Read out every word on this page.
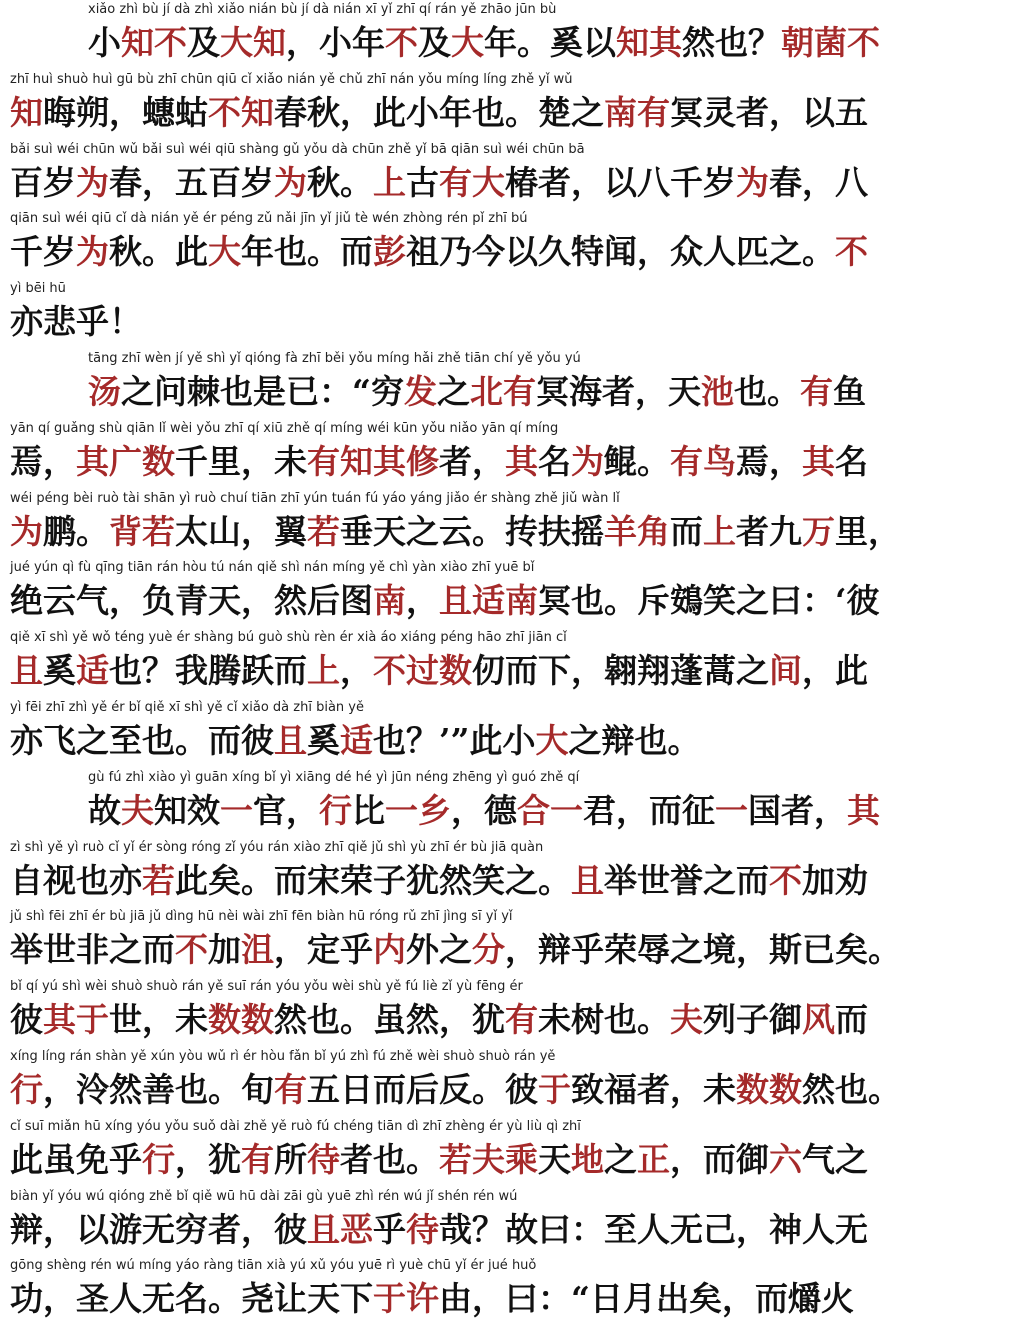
xiǎo zhì bù jí dà zhì xiǎo nián bù jí dà nián xī yǐ zhī qí rán yě zhāo jūn bù
小知不及大知，小年不及大年。奚以知其然也？朝菌不
zhī huì shuò huì gū bù zhī chūn qiū cǐ xiǎo nián yě chǔ zhī nán yǒu míng líng zhě yǐ wǔ
知晦朔，蟪蛄不知春秋，此小年也。楚之南有冥灵者，以五
bǎi suì wéi chūn wǔ bǎi suì wéi qiū shàng gǔ yǒu dà chūn zhě yǐ bā qiān suì wéi chūn bā
百岁为春，五百岁为秋。上古有大椿者，以八千岁为春，八
qiān suì wéi qiū cǐ dà nián yě ér péng zǔ nǎi jīn yǐ jiǔ tè wén zhòng rén pǐ zhī bú
千岁为秋。此大年也。而彭祖乃今以久特闻，众人匹之。不
yì bēi hū
亦悲乎！
tāng zhī wèn jí yě shì yǐ qióng fà zhī běi yǒu míng hǎi zhě tiān chí yě yǒu yú
汤之问棘也是已：“穷发之北有冥海者，天池也。有鱼
yān qí guǎng shù qiān lǐ wèi yǒu zhī qí xiū zhě qí míng wéi kūn yǒu niǎo yān qí míng
焉，其广数千里，未有知其修者，其名为鲲。有鸟焉，其名
wéi péng bèi ruò tài shān yì ruò chuí tiān zhī yún tuán fú yáo yáng jiǎo ér shàng zhě jiǔ wàn lǐ
为鹏。背若太山，翼若垂天之云。抟扶摇羊角而上者九万里，
jué yún qì fù qīng tiān rán hòu tú nán qiě shì nán míng yě chì yàn xiào zhī yuē bǐ
绝云气，负青天，然后图南，且适南冥也。斥鴳笑之曰：‘彼
qiě xī shì yě wǒ téng yuè ér shàng bú guò shù rèn ér xià áo xiáng péng hāo zhī jiān cǐ
且奚适也？我腾跃而上，不过数仞而下，翱翔蓬蒿之间，此
yì fēi zhī zhì yě ér bǐ qiě xī shì yě cǐ xiǎo dà zhī biàn yě
亦飞之至也。而彼且奚适也？’”此小大之辩也。
gù fú zhì xiào yì guān xíng bǐ yì xiāng dé hé yì jūn néng zhēng yì guó zhě qí
故夫知效一官，行比一乡，德合一君，而征一国者，其
zì shì yě yì ruò cǐ yǐ ér sòng róng zǐ yóu rán xiào zhī qiě jǔ shì yù zhī ér bù jiā quàn
自视也亦若此矣。而宋荣子犹然笑之。且举世誉之而不加劝
jǔ shì fēi zhī ér bù jiā jǔ dìng hū nèi wài zhī fēn biàn hū róng rǔ zhī jìng sī yǐ yǐ
举世非之而不加沮，定乎内外之分，辩乎荣辱之境，斯已矣。
bǐ qí yú shì wèi shuò shuò rán yě suī rán yóu yǒu wèi shù yě fú liè zǐ yù fēng ér
彼其于世，未数数然也。虽然，犹有未树也。夫列子御风而
xíng líng rán shàn yě xún yòu wǔ rì ér hòu fǎn bǐ yú zhì fú zhě wèi shuò shuò rán yě
行，泠然善也。旬有五日而后反。彼于致福者，未数数然也。
cǐ suī miǎn hū xíng yóu yǒu suǒ dài zhě yě ruò fú chéng tiān dì zhī zhèng ér yù liù qì zhī
此虽免乎行，犹有所待者也。若夫乘天地之正，而御六气之
biàn yǐ yóu wú qióng zhě bǐ qiě wū hū dài zāi gù yuē zhì rén wú jǐ shén rén wú
辩，以游无穷者，彼且恶乎待哉？故曰：至人无己，神人无
gōng shèng rén wú míng yáo ràng tiān xià yú xǔ yóu yuē rì yuè chū yǐ ér jué huǒ
功，圣人无名。尧让天下于许由，曰：“日月出矣，而爝火
